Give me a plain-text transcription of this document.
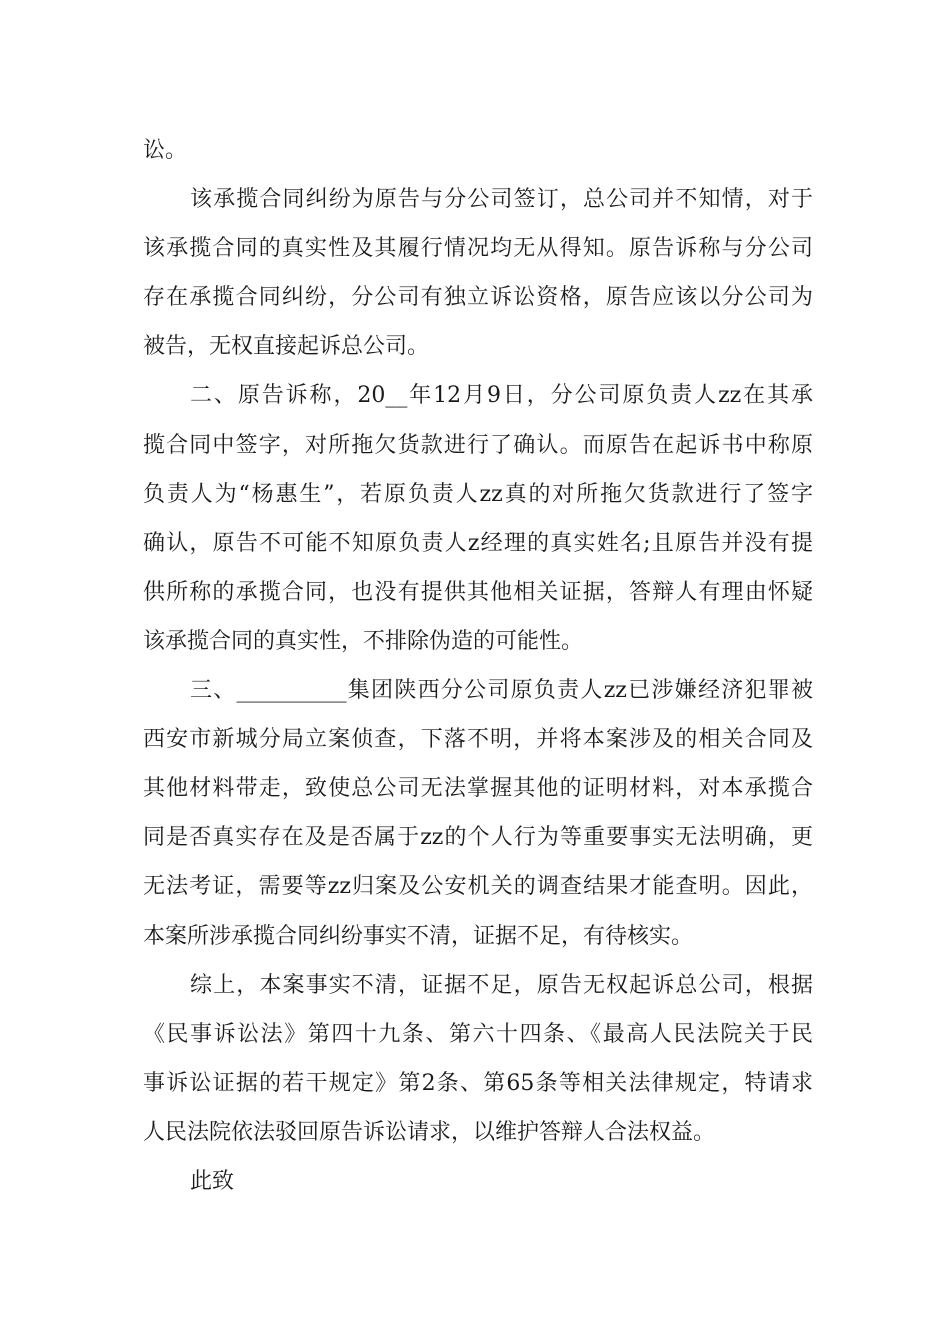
讼。
该承揽合同纠纷为原告与分公司签订，总公司并不知情，对于
该承揽合同的真实性及其履行情况均无从得知。原告诉称与分公司
存在承揽合同纠纷，分公司有独立诉讼资格，原告应该以分公司为
被告，无权直接起诉总公司。
二、原告诉称，20__年12月9日，分公司原负责人zz在其承
揽合同中签字，对所拖欠货款进行了确认。而原告在起诉书中称原
负责人为“杨惠生”，若原负责人zz真的对所拖欠货款进行了签字
确认，原告不可能不知原负责人z经理的真实姓名;且原告并没有提
供所称的承揽合同，也没有提供其他相关证据，答辩人有理由怀疑
该承揽合同的真实性，不排除伪造的可能性。
三、__________集团陕西分公司原负责人zz已涉嫌经济犯罪被
西安市新城分局立案侦查，下落不明，并将本案涉及的相关合同及
其他材料带走，致使总公司无法掌握其他的证明材料，对本承揽合
同是否真实存在及是否属于zz的个人行为等重要事实无法明确，更
无法考证，需要等zz归案及公安机关的调查结果才能查明。因此，
本案所涉承揽合同纠纷事实不清，证据不足，有待核实。
综上，本案事实不清，证据不足，原告无权起诉总公司，根据
《民事诉讼法》第四十九条、第六十四条、《最高人民法院关于民
事诉讼证据的若干规定》第2条、第65条等相关法律规定，特请求
人民法院依法驳回原告诉讼请求，以维护答辩人合法权益。
此致
